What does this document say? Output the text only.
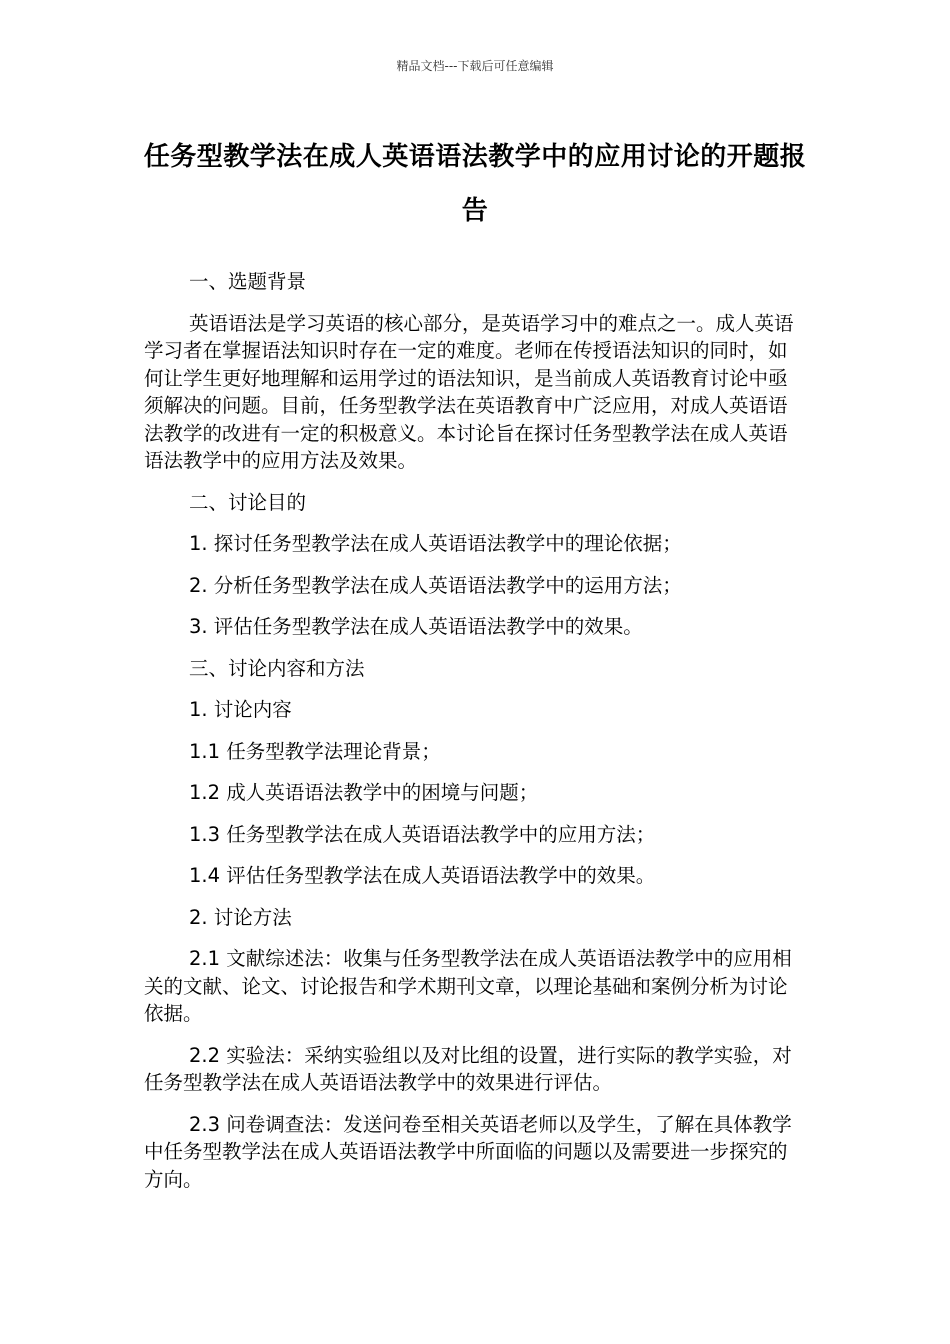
精品文档---下载后可任意编辑
任务型教学法在成人英语语法教学中的应用讨论的开题报告

一、选题背景

英语语法是学习英语的核心部分，是英语学习中的难点之一。成人英语学习者在掌握语法知识时存在一定的难度。老师在传授语法知识的同时，如何让学生更好地理解和运用学过的语法知识，是当前成人英语教育讨论中亟须解决的问题。目前，任务型教学法在英语教育中广泛应用，对成人英语语法教学的改进有一定的积极意义。本讨论旨在探讨任务型教学法在成人英语语法教学中的应用方法及效果。

二、讨论目的

1. 探讨任务型教学法在成人英语语法教学中的理论依据；

2. 分析任务型教学法在成人英语语法教学中的运用方法；

3. 评估任务型教学法在成人英语语法教学中的效果。

三、讨论内容和方法

1. 讨论内容

1.1 任务型教学法理论背景；

1.2 成人英语语法教学中的困境与问题；

1.3 任务型教学法在成人英语语法教学中的应用方法；

1.4 评估任务型教学法在成人英语语法教学中的效果。

2. 讨论方法

2.1 文献综述法：收集与任务型教学法在成人英语语法教学中的应用相关的文献、论文、讨论报告和学术期刊文章，以理论基础和案例分析为讨论依据。

2.2 实验法：采纳实验组以及对比组的设置，进行实际的教学实验，对任务型教学法在成人英语语法教学中的效果进行评估。

2.3 问卷调查法：发送问卷至相关英语老师以及学生，了解在具体教学中任务型教学法在成人英语语法教学中所面临的问题以及需要进一步探究的方向。
